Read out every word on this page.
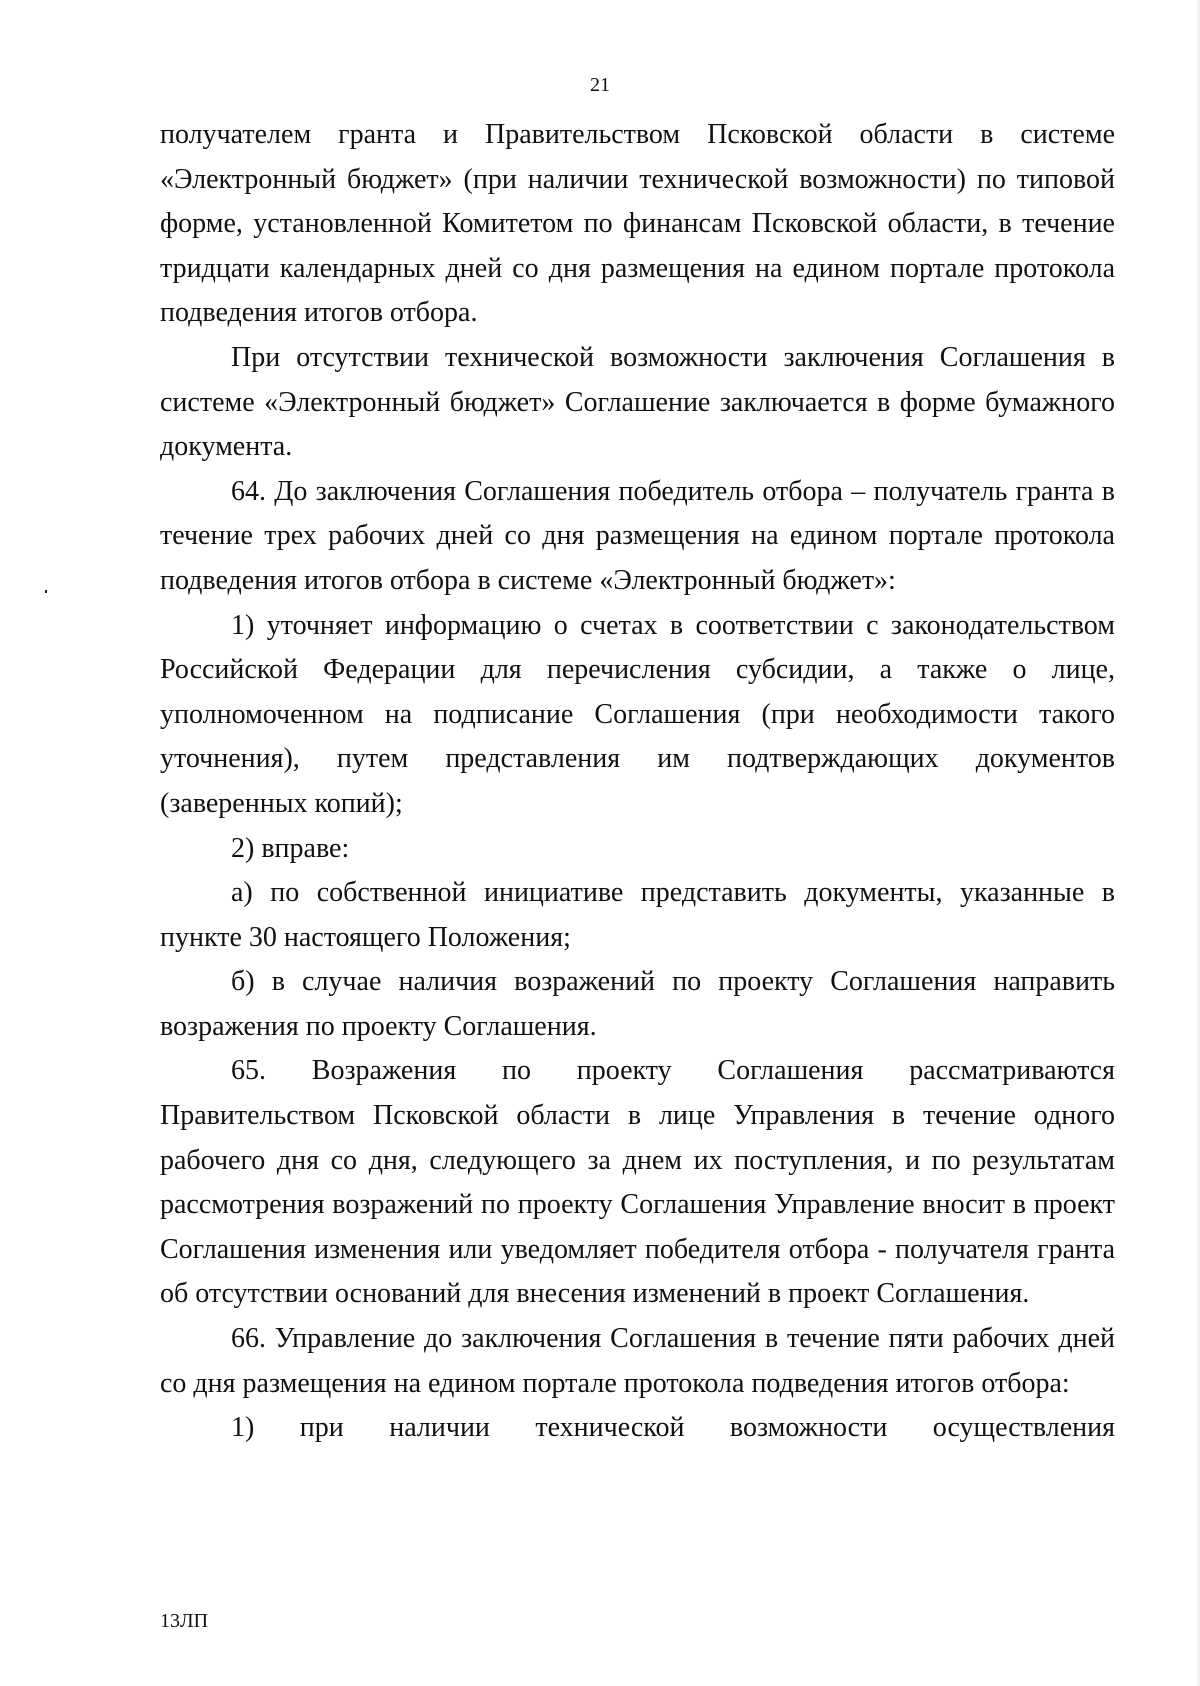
21

получателем гранта и Правительством Псковской области в системе «Электронный бюджет» (при наличии технической возможности) по типовой форме, установленной Комитетом по финансам Псковской области, в течение тридцати календарных дней со дня размещения на едином портале протокола подведения итогов отбора.

При отсутствии технической возможности заключения Соглашения в системе «Электронный бюджет» Соглашение заключается в форме бумажного документа.

64. До заключения Соглашения победитель отбора – получатель гранта в течение трех рабочих дней со дня размещения на едином портале протокола подведения итогов отбора в системе «Электронный бюджет»:

1) уточняет информацию о счетах в соответствии с законодательством Российской Федерации для перечисления субсидии, а также о лице, уполномоченном на подписание Соглашения (при необходимости такого уточнения), путем представления им подтверждающих документов (заверенных копий);

2) вправе:

а) по собственной инициативе представить документы, указанные в пункте 30 настоящего Положения;

б) в случае наличия возражений по проекту Соглашения направить возражения по проекту Соглашения.

65. Возражения по проекту Соглашения рассматриваются Правительством Псковской области в лице Управления в течение одного рабочего дня со дня, следующего за днем их поступления, и по результатам рассмотрения возражений по проекту Соглашения Управление вносит в проект Соглашения изменения или уведомляет победителя отбора - получателя гранта об отсутствии оснований для внесения изменений в проект Соглашения.

66. Управление до заключения Соглашения в течение пяти рабочих дней со дня размещения на едином портале протокола подведения итогов отбора:

1) при наличии технической возможности осуществления

13ЛП
